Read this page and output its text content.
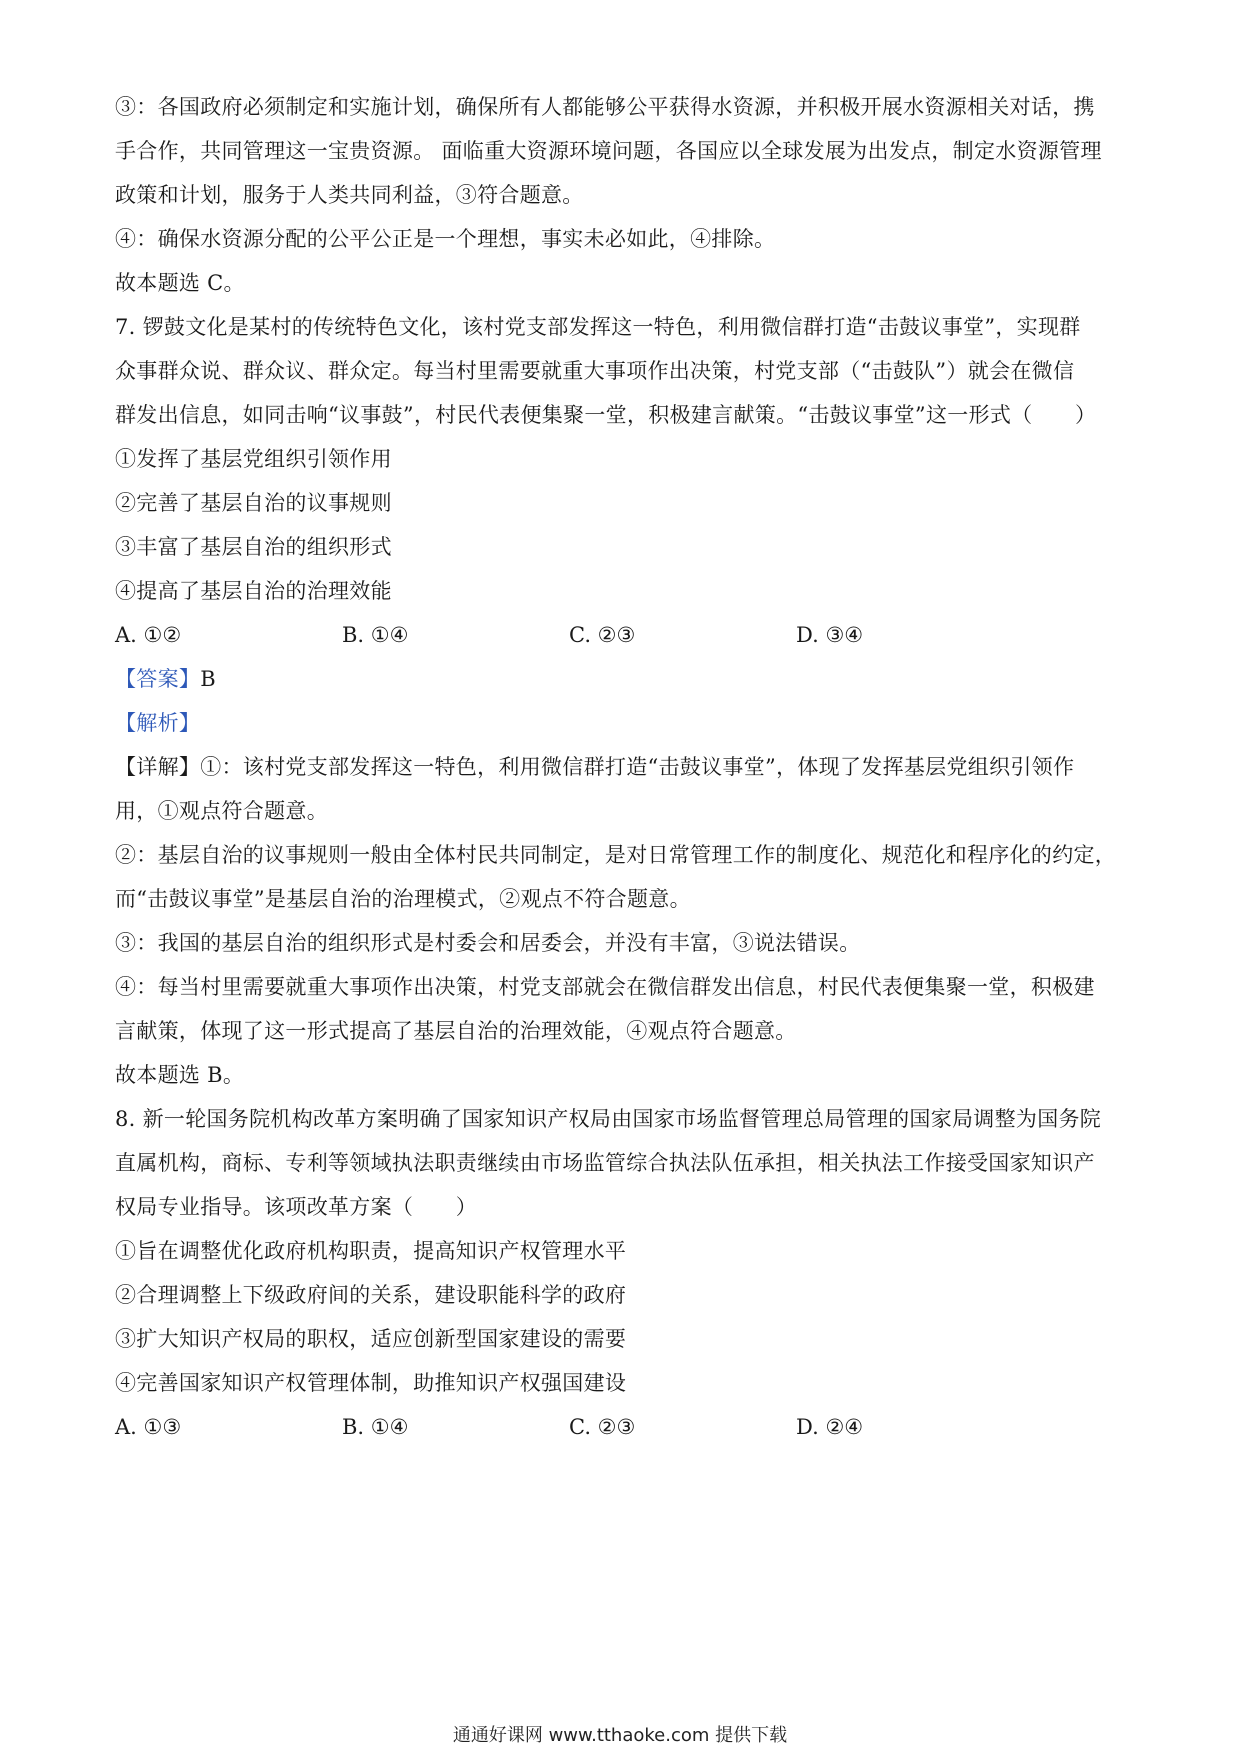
③：各国政府必须制定和实施计划，确保所有人都能够公平获得水资源，并积极开展水资源相关对话，携
手合作，共同管理这一宝贵资源。 面临重大资源环境问题，各国应以全球发展为出发点，制定水资源管理
政策和计划，服务于人类共同利益，③符合题意。
④：确保水资源分配的公平公正是一个理想，事实未必如此，④排除。
故本题选 C。
7. 锣鼓文化是某村的传统特色文化，该村党支部发挥这一特色，利用微信群打造“击鼓议事堂”，实现群
众事群众说、群众议、群众定。每当村里需要就重大事项作出决策，村党支部（“击鼓队”）就会在微信
群发出信息，如同击响“议事鼓”，村民代表便集聚一堂，积极建言献策。“击鼓议事堂”这一形式（　　）
①发挥了基层党组织引领作用
②完善了基层自治的议事规则
③丰富了基层自治的组织形式
④提高了基层自治的治理效能
A. ①②	B. ①④	C. ②③	D. ③④
【答案】B
【解析】
【详解】①：该村党支部发挥这一特色，利用微信群打造“击鼓议事堂”，体现了发挥基层党组织引领作
用，①观点符合题意。
②：基层自治的议事规则一般由全体村民共同制定，是对日常管理工作的制度化、规范化和程序化的约定，
而“击鼓议事堂”是基层自治的治理模式，②观点不符合题意。
③：我国的基层自治的组织形式是村委会和居委会，并没有丰富，③说法错误。
④：每当村里需要就重大事项作出决策，村党支部就会在微信群发出信息，村民代表便集聚一堂，积极建
言献策，体现了这一形式提高了基层自治的治理效能，④观点符合题意。
故本题选 B。
8. 新一轮国务院机构改革方案明确了国家知识产权局由国家市场监督管理总局管理的国家局调整为国务院
直属机构，商标、专利等领域执法职责继续由市场监管综合执法队伍承担，相关执法工作接受国家知识产
权局专业指导。该项改革方案（　　）
①旨在调整优化政府机构职责，提高知识产权管理水平
②合理调整上下级政府间的关系，建设职能科学的政府
③扩大知识产权局的职权，适应创新型国家建设的需要
④完善国家知识产权管理体制，助推知识产权强国建设
A. ①③	B. ①④	C. ②③	D. ②④
通通好课网 www.tthaoke.com 提供下载
